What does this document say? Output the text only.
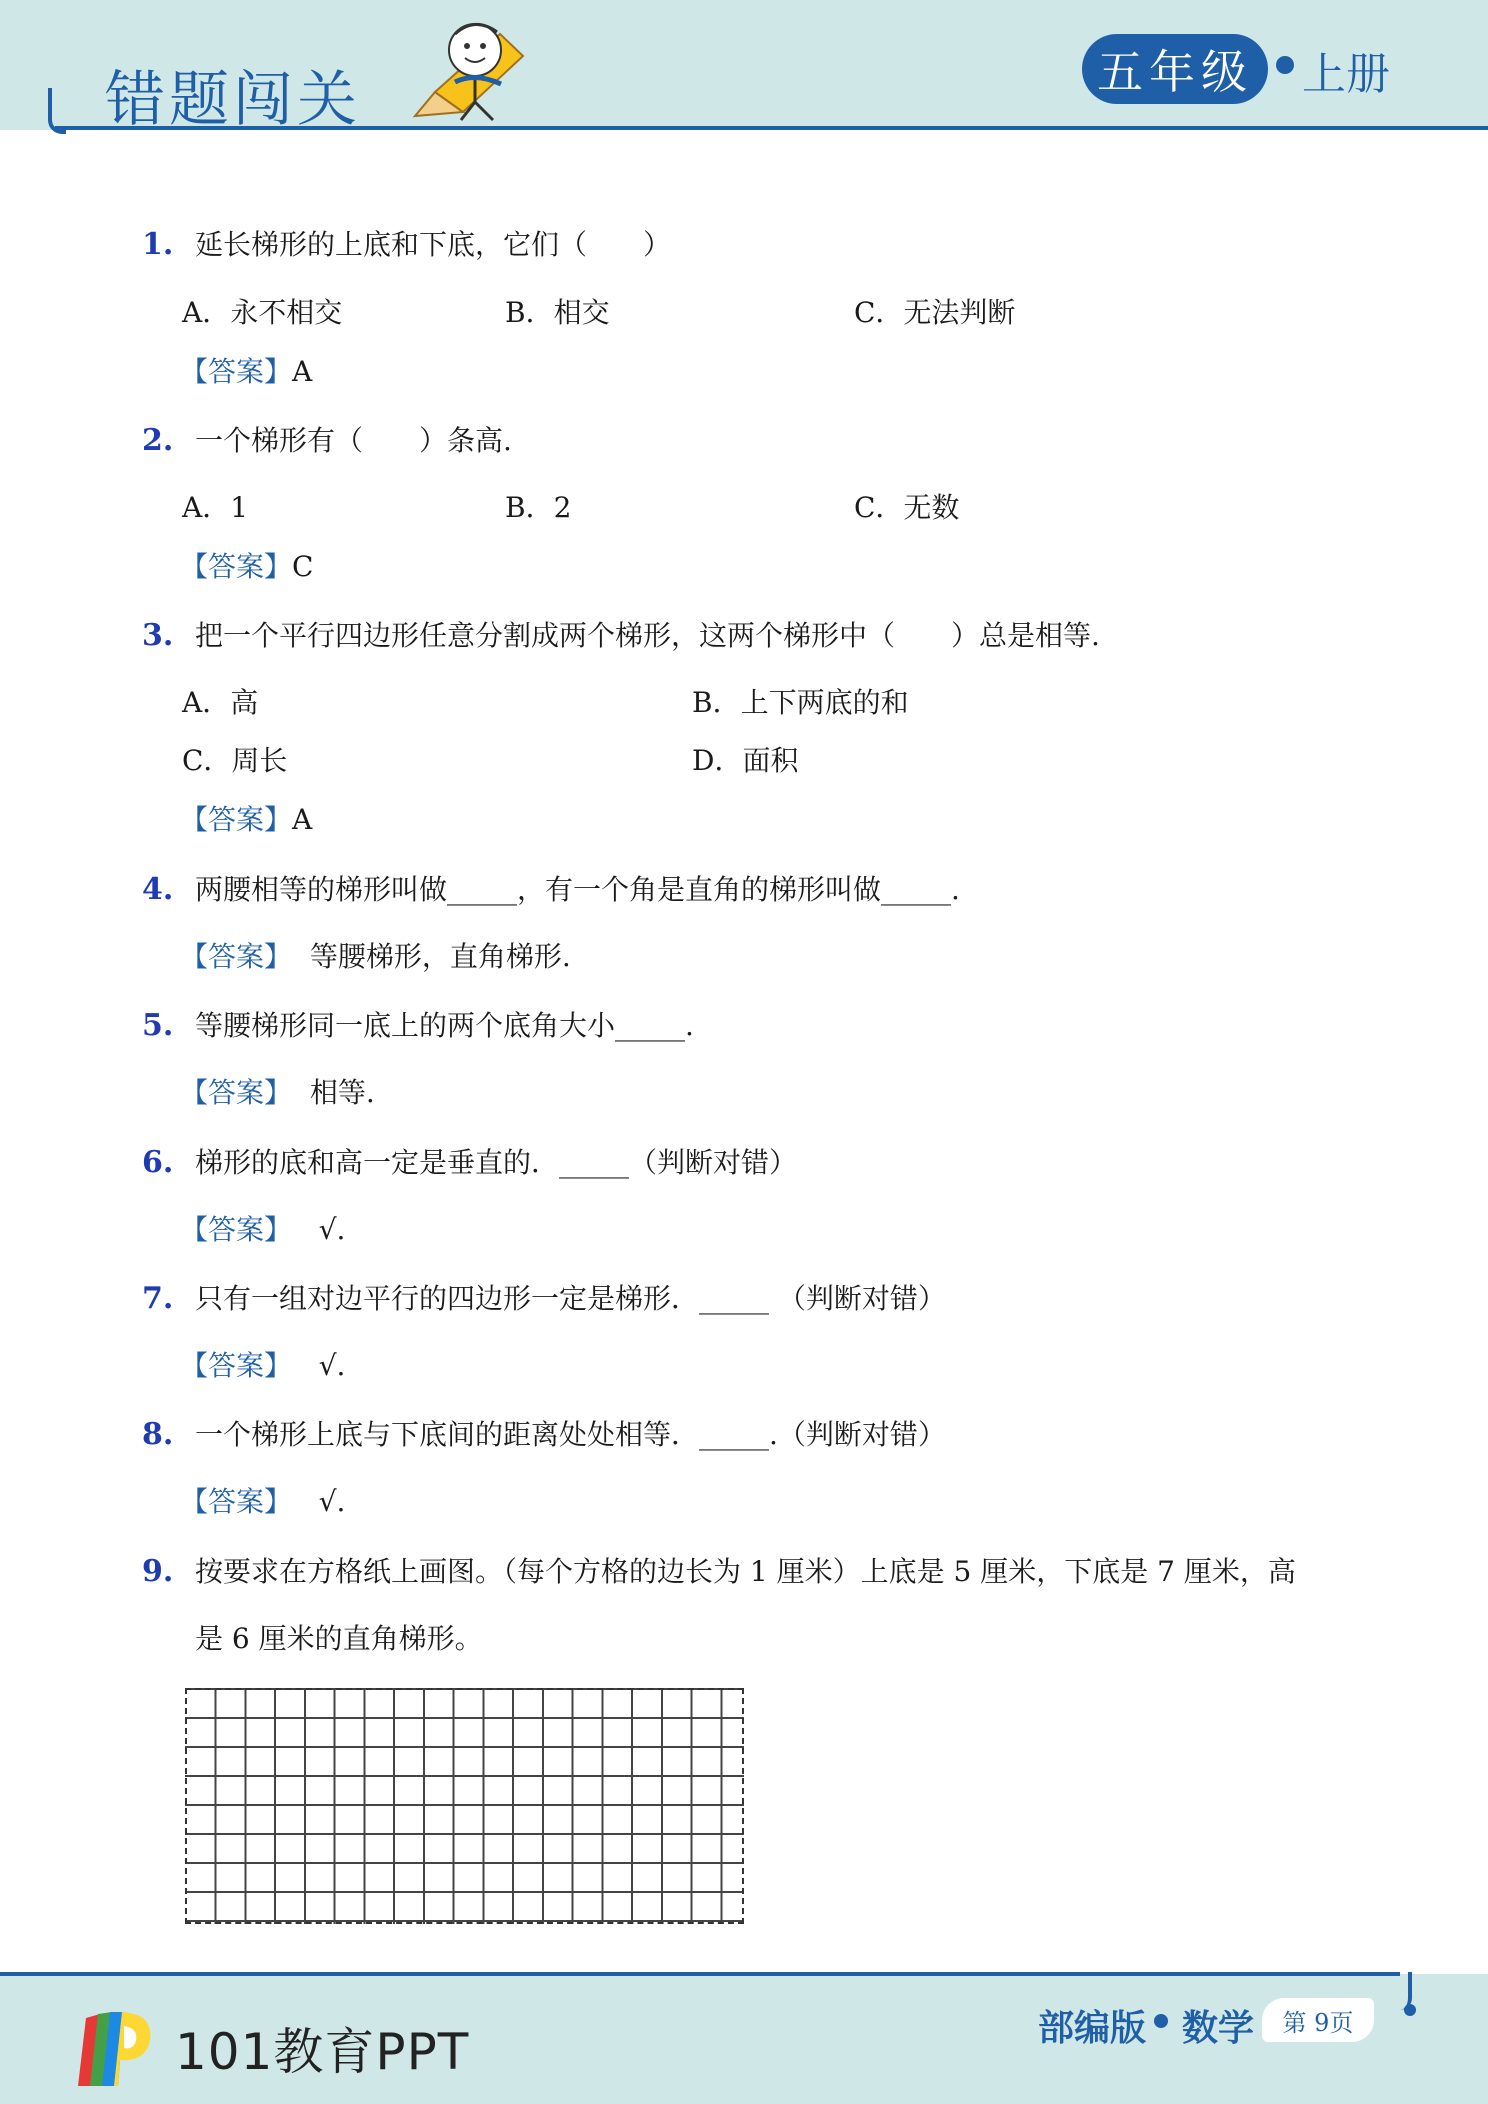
错题闯关	五年级	上册
1. 延长梯形的上底和下底，它们（　　）
A．永不相交	B．相交	C．无法判断
【答案】A
2. 一个梯形有（　　）条高.
A．1	B．2	C．无数
【答案】C
3. 把一个平行四边形任意分割成两个梯形，这两个梯形中（　　）总是相等.
A．高	B．上下两底的和
C．周长	D．面积
【答案】A
4. 两腰相等的梯形叫做_____，有一个角是直角的梯形叫做_____.
【答案】 等腰梯形，直角梯形.
5. 等腰梯形同一底上的两个底角大小_____.
【答案】 相等.
6. 梯形的底和高一定是垂直的．_____（判断对错）
【答案】 √.
7. 只有一组对边平行的四边形一定是梯形．_____ （判断对错）
【答案】 √.
8. 一个梯形上底与下底间的距离处处相等．_____.（判断对错）
【答案】 √.
9. 按要求在方格纸上画图。（每个方格的边长为 1 厘米）上底是 5 厘米，下底是 7 厘米，高
是 6 厘米的直角梯形。
101教育PPT	部编版 数学	第 9页
